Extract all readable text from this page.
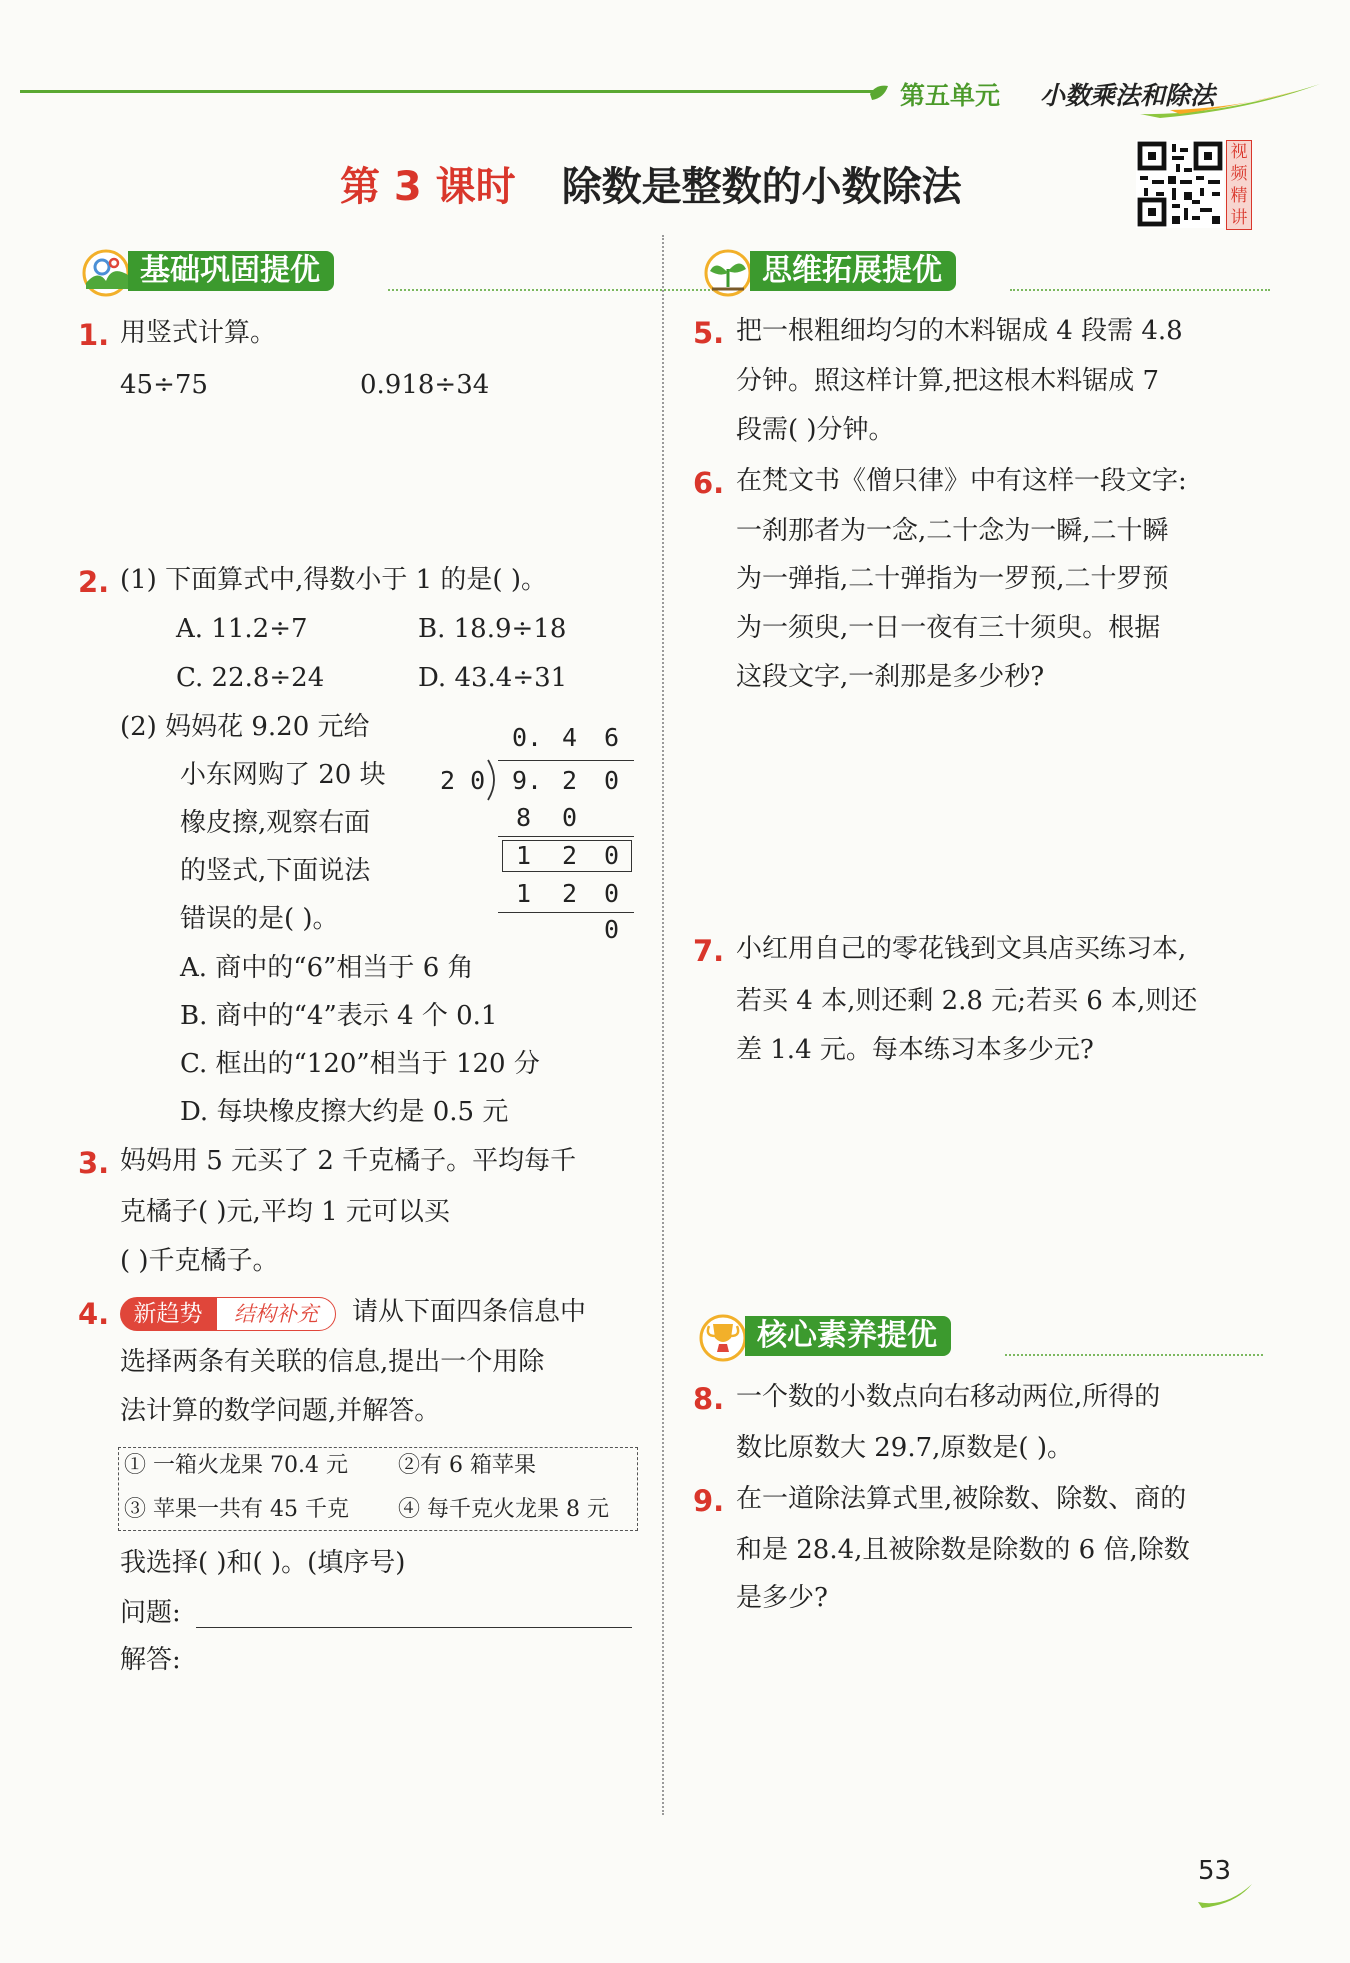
第五单元 小数乘法和除法
第 3 课时 除数是整数的小数除法
视频精讲
基础巩固提优	思维拓展提优
核心素养提优
1. 用竖式计算。
45÷75	0.918÷34
2. (1) 下面算式中,得数小于 1 的是( )。
A. 11.2÷7	B. 18.9÷18
C. 22.8÷24	D. 43.4÷31
(2) 妈妈花 9.20 元给
小东网购了 20 块
橡皮擦,观察右面
的竖式,下面说法
错误的是( )。
0. 4 6
2 0 9. 2 0
8 0
1 2 0
1 2 0
0
A. 商中的“6”相当于 6 角
B. 商中的“4”表示 4 个 0.1
C. 框出的“120”相当于 120 分
D. 每块橡皮擦大约是 0.5 元
3. 妈妈用 5 元买了 2 千克橘子。平均每千
克橘子( )元,平均 1 元可以买
( )千克橘子。
4.	新趋势	结构补充	请从下面四条信息中
选择两条有关联的信息,提出一个用除
法计算的数学问题,并解答。
① 一箱火龙果 70.4 元 ②有 6 箱苹果
③ 苹果一共有 45 千克 ④ 每千克火龙果 8 元
我选择( )和( )。(填序号)
问题:
解答:
5. 把一根粗细均匀的木料锯成 4 段需 4.8
分钟。照这样计算,把这根木料锯成 7
段需( )分钟。
6. 在梵文书《僧只律》中有这样一段文字:
一刹那者为一念,二十念为一瞬,二十瞬
为一弹指,二十弹指为一罗预,二十罗预
为一须臾,一日一夜有三十须臾。根据
这段文字,一刹那是多少秒?
7. 小红用自己的零花钱到文具店买练习本,
若买 4 本,则还剩 2.8 元;若买 6 本,则还
差 1.4 元。每本练习本多少元?
8. 一个数的小数点向右移动两位,所得的
数比原数大 29.7,原数是( )。
9. 在一道除法算式里,被除数、除数、商的
和是 28.4,且被除数是除数的 6 倍,除数
是多少?
53
